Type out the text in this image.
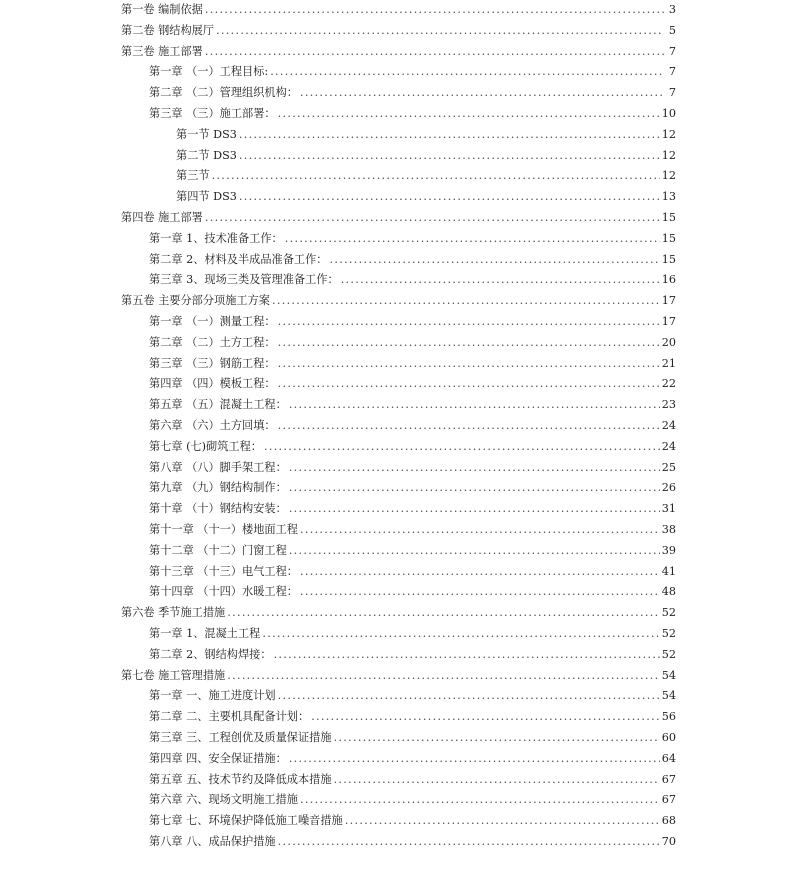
第一卷 编制依据 .....	3
第二卷 钢结构展厅 .....	5
第三卷 施工部署 .....	7
第一章 （一）工程目标: .....	7
第二章 （二）管理组织机构： .....	7
第三章 （三）施工部署： .....	10
第一节 DS3 .....	12
第二节 DS3 .....	12
第三节 .....	12
第四节 DS3 .....	13
第四卷 施工部署 .....	15
第一章 1、技术准备工作： .....	15
第二章 2、材料及半成品准备工作： .....	15
第三章 3、现场三类及管理准备工作： .....	16
第五卷 主要分部分项施工方案 .....	17
第一章 （一）测量工程： .....	17
第二章 （二）土方工程： .....	20
第三章 （三）钢筋工程： .....	21
第四章 （四）模板工程： .....	22
第五章 （五）混凝土工程： .....	23
第六章 （六）土方回填： .....	24
第七章 (七)砌筑工程： .....	24
第八章 （八）脚手架工程： .....	25
第九章 （九）钢结构制作： .....	26
第十章 （十）钢结构安装： .....	31
第十一章 （十一）楼地面工程 .....	38
第十二章 （十二）门窗工程 .....	39
第十三章 （十三）电气工程： .....	41
第十四章 （十四）水暖工程： .....	48
第六卷 季节施工措施 .....	52
第一章 1、混凝土工程 .....	52
第二章 2、钢结构焊接： .....	52
第七卷 施工管理措施 .....	54
第一章 一、施工进度计划 .....	54
第二章 二、主要机具配备计划： .....	56
第三章 三、工程创优及质量保证措施 .....	60
第四章 四、安全保证措施： .....	64
第五章 五、技术节约及降低成本措施 .....	67
第六章 六、现场文明施工措施 .....	67
第七章 七、环境保护降低施工噪音措施 .....	68
第八章 八、成品保护措施 .....	70
